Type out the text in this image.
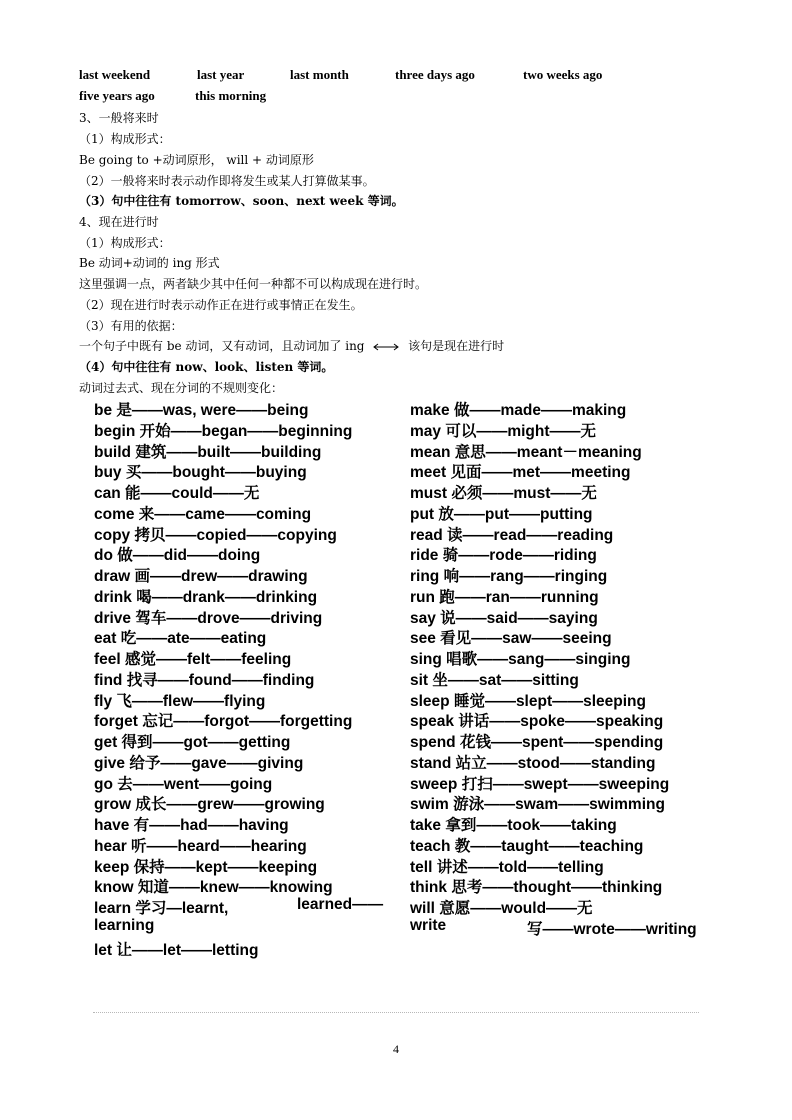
last weekend	last year	last month	three days ago	two weeks ago
five years ago	this morning
3、一般将来时
（1）构成形式：
Be going to +动词原形， will + 动词原形
（2）一般将来时表示动作即将发生或某人打算做某事。
（3）句中往往有 tomorrow、soon、next week 等词。
4、现在进行时
（1）构成形式：
Be 动词+动词的 ing 形式
这里强调一点，两者缺少其中任何一种都不可以构成现在进行时。
（2）现在进行时表示动作正在进行或事情正在发生。
（3）有用的依据：
一个句子中既有 be 动词，又有动词，且动词加了 ing	该句是现在进行时
（4）句中往往有 now、look、listen 等词。
动词过去式、现在分词的不规则变化：
be 是——was, were——being
begin 开始——began——beginning
build 建筑——built——building
buy 买——bought——buying
can 能——could——无
come 来——came——coming
copy 拷贝——copied——copying
do 做——did——doing
draw 画——drew——drawing
drink 喝——drank——drinking
drive 驾车——drove——driving
eat 吃——ate——eating
feel 感觉——felt——feeling
find 找寻——found——finding
fly 飞——flew——flying
forget 忘记——forgot——forgetting
get 得到——got——getting
give 给予——gave——giving
go 去——went——going
grow 成长——grew——growing
have 有——had——having
hear 听——heard——hearing
keep 保持——kept——keeping
know 知道——knew——knowing
learn 学习—learnt,	learned——
learning
let 让——let——letting
make 做——made——making
may 可以——might——无
mean 意思——meant－meaning
meet 见面——met——meeting
must 必须——must——无
put 放——put——putting
read 读——read——reading
ride 骑——rode——riding
ring 响——rang——ringing
run 跑——ran——running
say 说——said——saying
see 看见——saw——seeing
sing 唱歌——sang——singing
sit 坐——sat——sitting
sleep 睡觉——slept——sleeping
speak 讲话——spoke——speaking
spend 花钱——spent——spending
stand 站立——stood——standing
sweep 打扫——swept——sweeping
swim 游泳——swam——swimming
take 拿到——took——taking
teach 教——taught——teaching
tell 讲述——told——telling
think 思考——thought——thinking
will 意愿——would——无
write	写——wrote——writing
4
